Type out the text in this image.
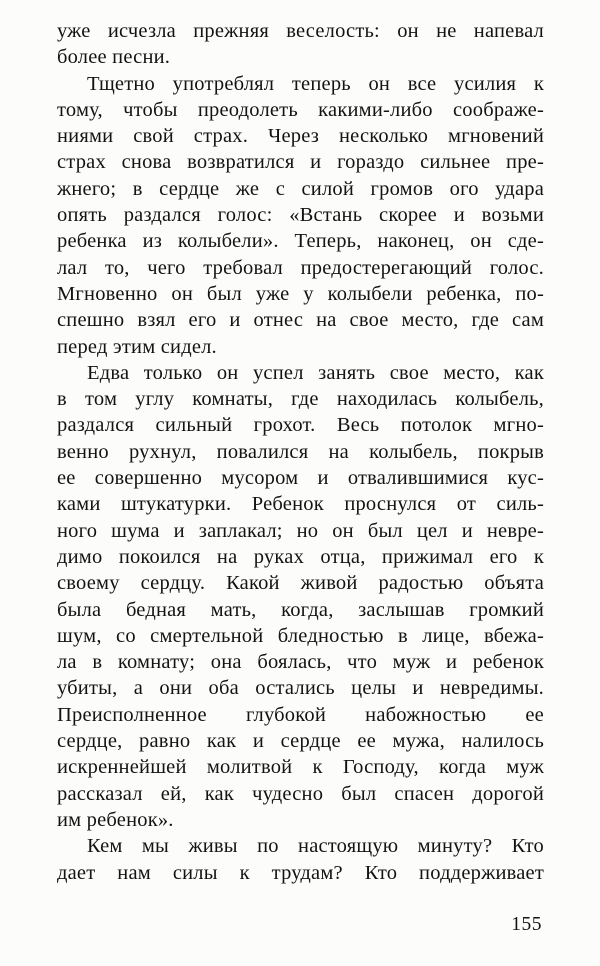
уже исчезла прежняя веселость: он не напевал
более песни.
Тщетно употреблял теперь он все усилия к
тому, чтобы преодолеть какими-либо соображе-
ниями свой страх. Через несколько мгновений
страх снова возвратился и гораздо сильнее пре-
жнего; в сердце же с силой громов ого удара
опять раздался голос: «Встань скорее и возьми
ребенка из колыбели». Теперь, наконец, он сде-
лал то, чего требовал предостерегающий голос.
Мгновенно он был уже у колыбели ребенка, по-
спешно взял его и отнес на свое место, где сам
перед этим сидел.
Едва только он успел занять свое место, как
в том углу комнаты, где находилась колыбель,
раздался сильный грохот. Весь потолок мгно-
венно рухнул, повалился на колыбель, покрыв
ее совершенно мусором и отвалившимися кус-
ками штукатурки. Ребенок проснулся от силь-
ного шума и заплакал; но он был цел и невре-
димо покоился на руках отца, прижимал его к
своему сердцу. Какой живой радостью объята
была бедная мать, когда, заслышав громкий
шум, со смертельной бледностью в лице, вбежа-
ла в комнату; она боялась, что муж и ребенок
убиты, а они оба остались целы и невредимы.
Преисполненное глубокой набожностью ее
сердце, равно как и сердце ее мужа, налилось
искреннейшей молитвой к Господу, когда муж
рассказал ей, как чудесно был спасен дорогой
им ребенок».
Кем мы живы по настоящую минуту? Кто
дает нам силы к трудам? Кто поддерживает
155
